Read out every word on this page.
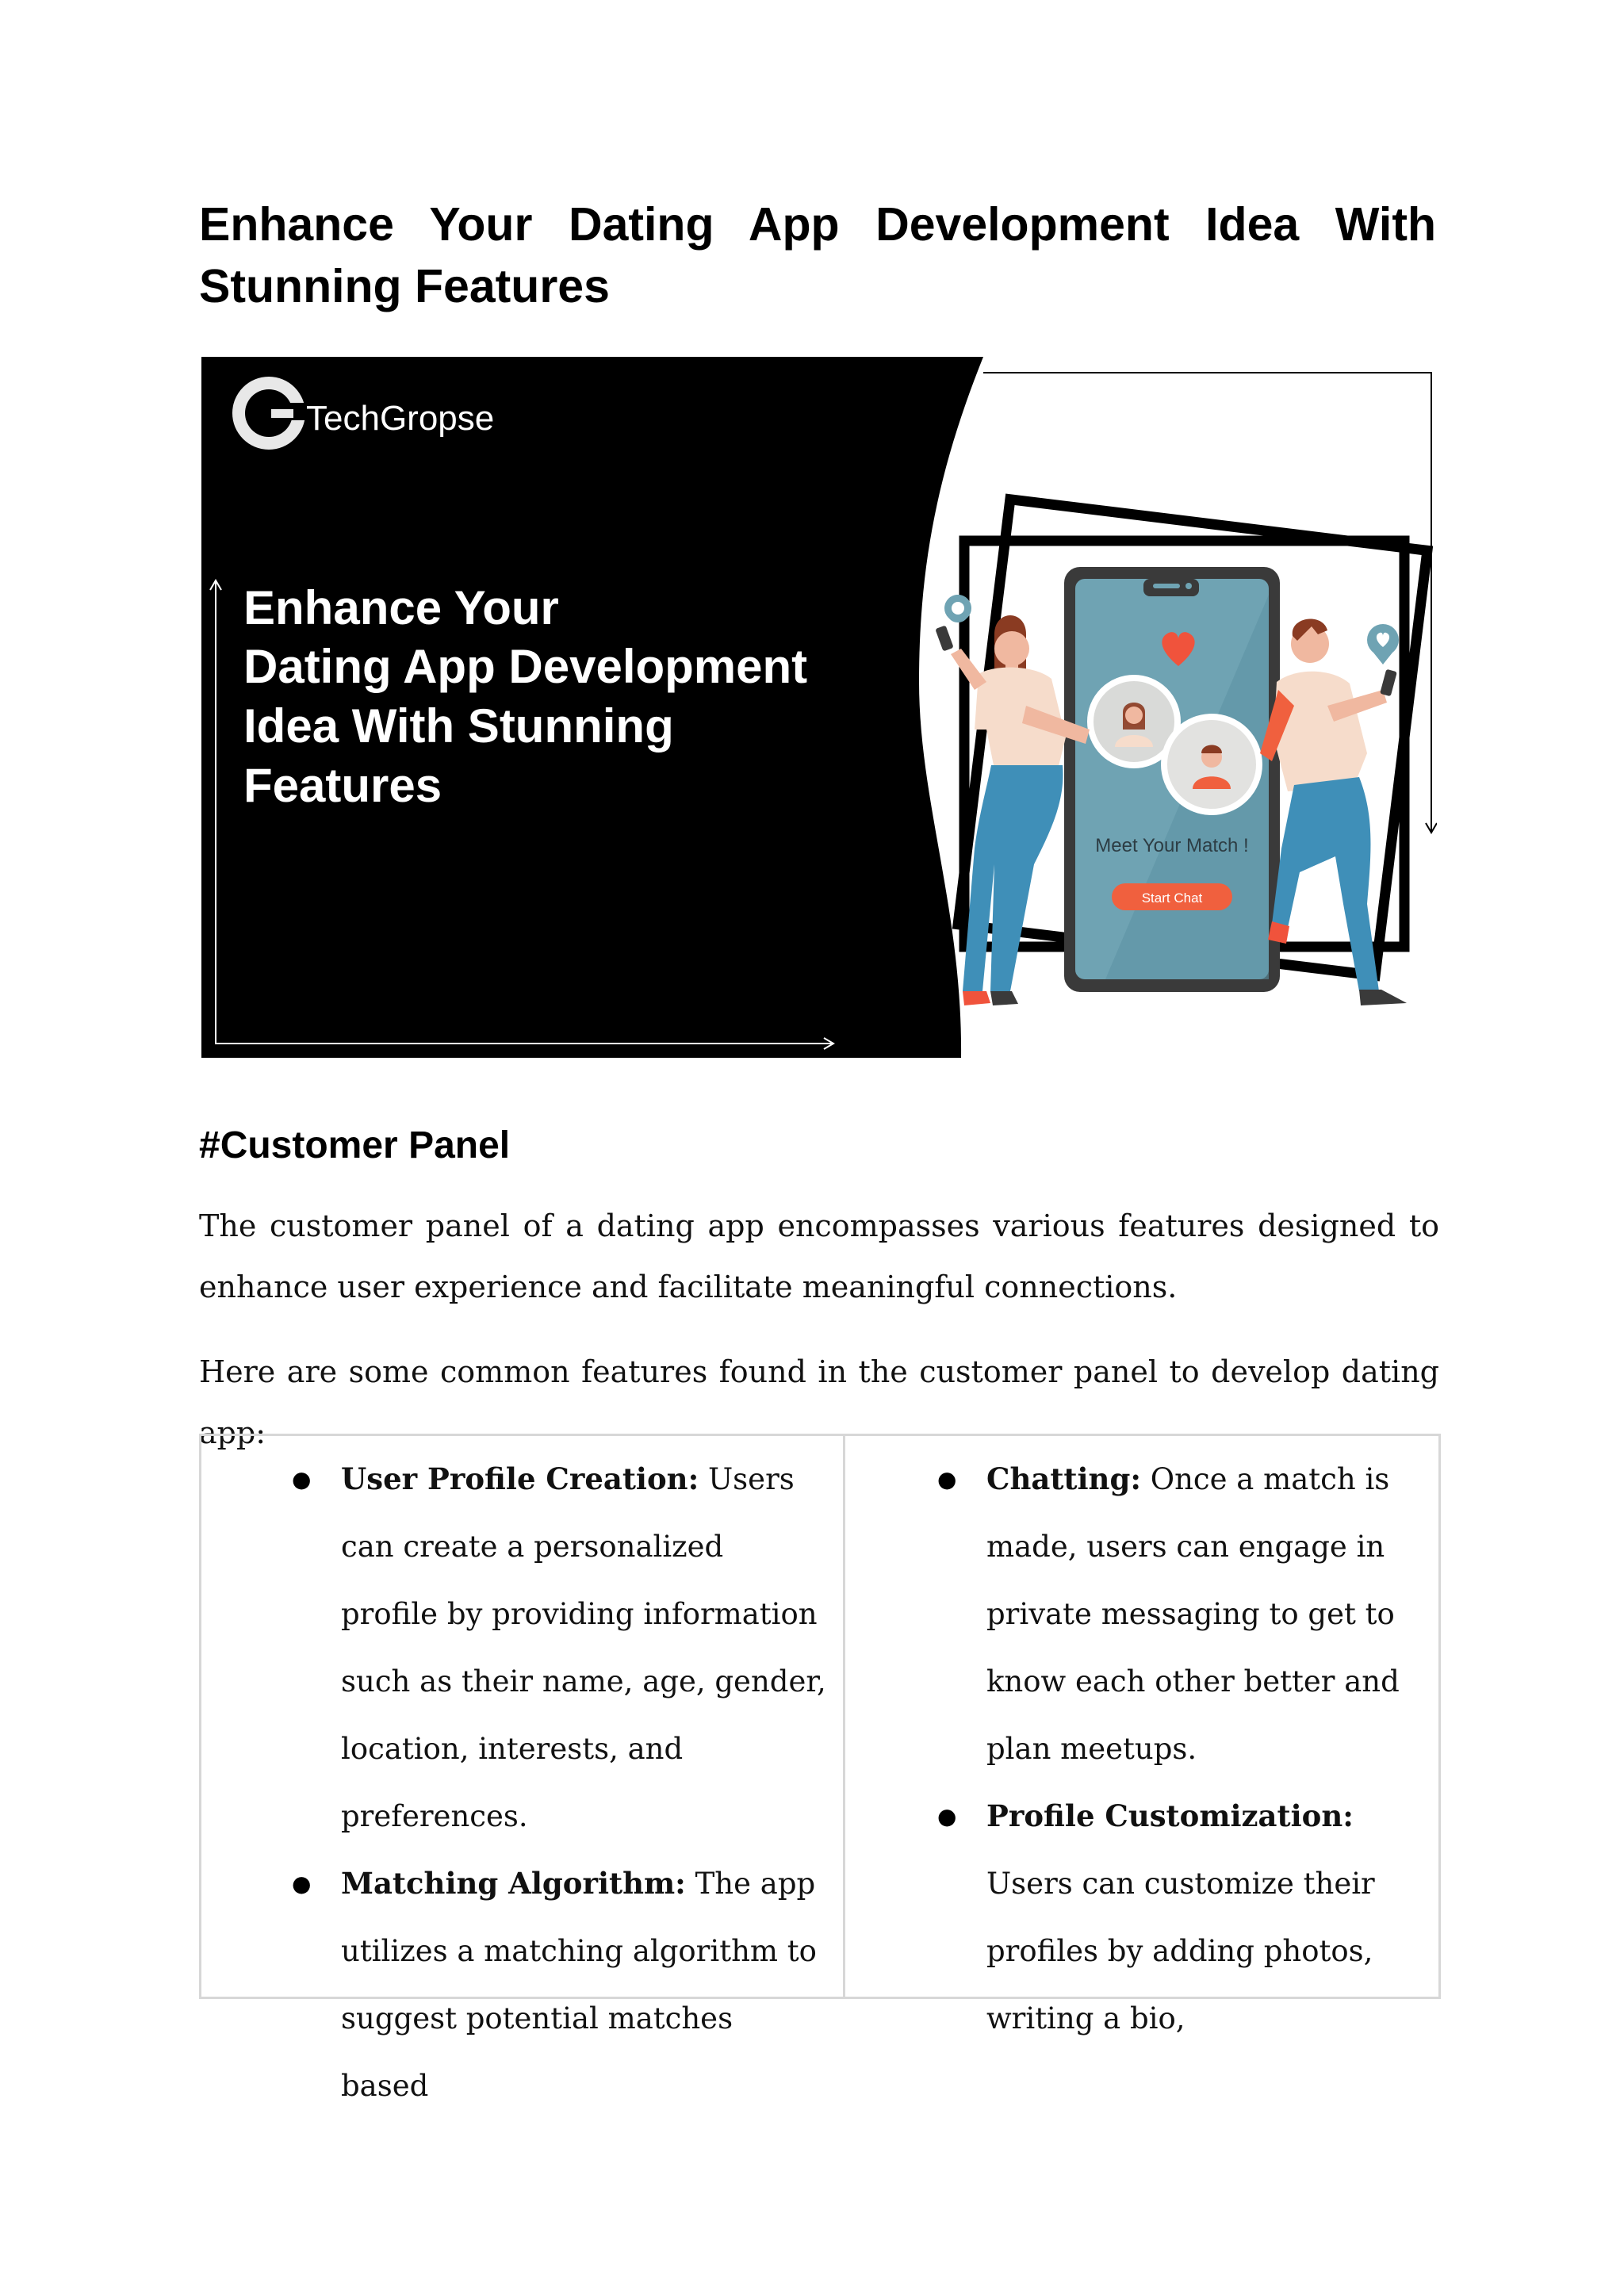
Enhance Your Dating App Development Idea With Stunning Features
TechGropse
Enhance Your Dating App Development Idea With Stunning Features
Meet Your Match !
Start Chat
#Customer Panel

The customer panel of a dating app encompasses various features designed to enhance user experience and facilitate meaningful connections.

Here are some common features found in the customer panel to develop dating app:

● User Profile Creation: Users can create a personalized profile by providing information such as their name, age, gender, location, interests, and preferences.
● Matching Algorithm: The app utilizes a matching algorithm to suggest potential matches based
● Chatting: Once a match is made, users can engage in private messaging to get to know each other better and plan meetups.
● Profile Customization: Users can customize their profiles by adding photos, writing a bio,
